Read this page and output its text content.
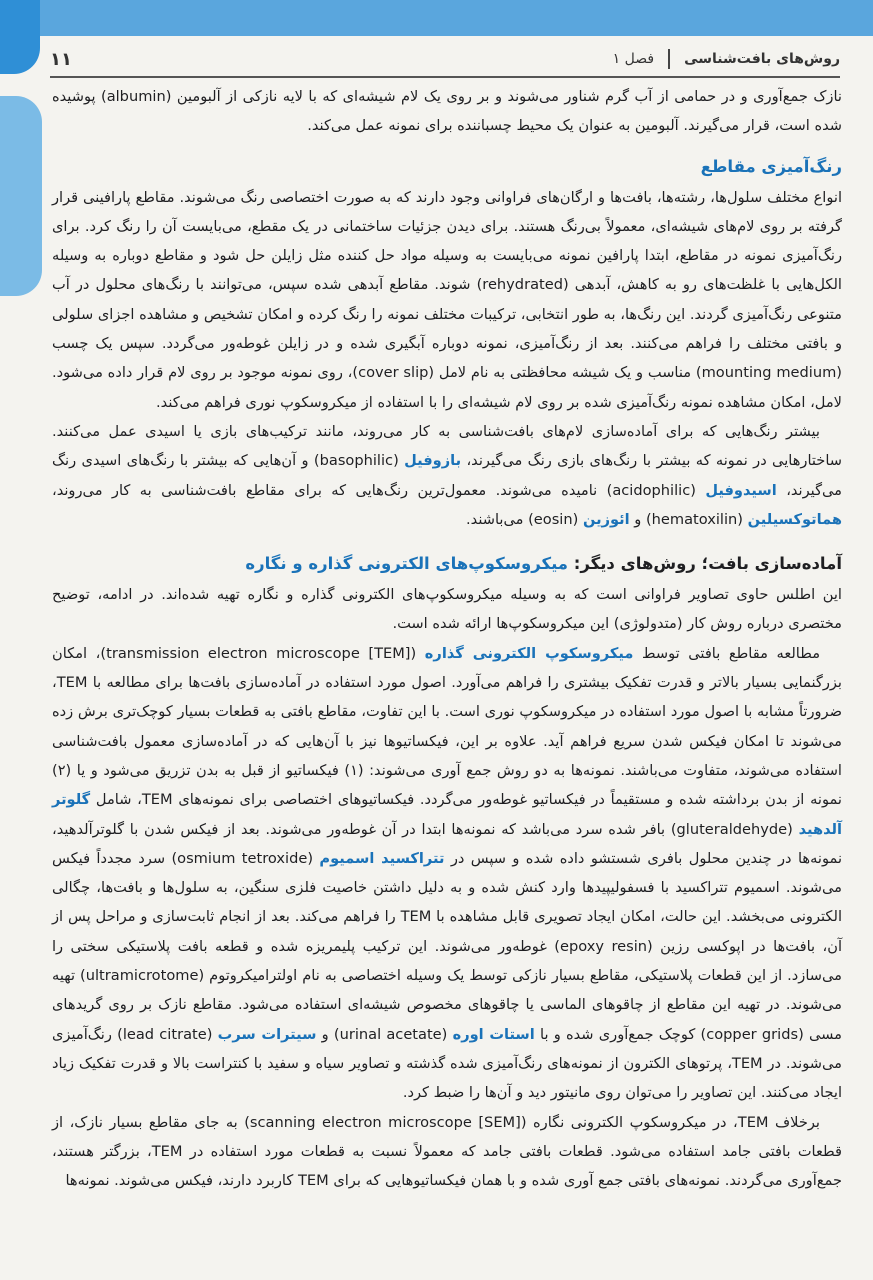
روش‌های بافت‌شناسی
فصل ۱
۱۱

نازک جمع‌آوری و در حمامی از آب گرم شناور می‌شوند و بر روی یک لام شیشه‌ای که با لایه نازکی از آلبومین (albumin) پوشیده شده است، قرار می‌گیرند. آلبومین به عنوان یک محیط چسباننده برای نمونه عمل می‌کند.

رنگ‌آمیزی مقاطع

انواع مختلف سلول‌ها، رشته‌ها، بافت‌ها و ارگان‌های فراوانی وجود دارند که به صورت اختصاصی رنگ می‌شوند. مقاطع پارافینی قرار گرفته بر روی لام‌های شیشه‌ای، معمولاً بی‌رنگ هستند. برای دیدن جزئیات ساختمانی در یک مقطع، می‌بایست آن را رنگ کرد. برای رنگ‌آمیزی نمونه در مقاطع، ابتدا پارافین نمونه می‌بایست به وسیله مواد حل کننده مثل زایلن حل شود و مقاطع دوباره به وسیله الکل‌هایی با غلظت‌های رو به کاهش، آبدهی (rehydrated) شوند. مقاطع آبدهی شده سپس، می‌توانند با رنگ‌های محلول در آب متنوعی رنگ‌آمیزی گردند. این رنگ‌ها، به طور انتخابی، ترکیبات مختلف نمونه را رنگ کرده و امکان تشخیص و مشاهده اجزای سلولی و بافتی مختلف را فراهم می‌کنند. بعد از رنگ‌آمیزی، نمونه دوباره آبگیری شده و در زایلن غوطه‌ور می‌گردد. سپس یک چسب (mounting medium) مناسب و یک شیشه محافظتی به نام لامل (cover slip)، روی نمونه موجود بر روی لام قرار داده می‌شود. لامل، امکان مشاهده نمونه رنگ‌آمیزی شده بر روی لام شیشه‌ای را با استفاده از میکروسکوپ نوری فراهم می‌کند.

بیشتر رنگ‌هایی که برای آماده‌سازی لام‌های بافت‌شناسی به کار می‌روند، مانند ترکیب‌های بازی یا اسیدی عمل می‌کنند. ساختارهایی در نمونه که بیشتر با رنگ‌های بازی رنگ می‌گیرند، بازوفیل (basophilic) و آن‌هایی که بیشتر با رنگ‌های اسیدی رنگ می‌گیرند، اسیدوفیل (acidophilic) نامیده می‌شوند. معمول‌ترین رنگ‌هایی که برای مقاطع بافت‌شناسی به کار می‌روند، هماتوکسیلین (hematoxilin) و ائوزین (eosin) می‌باشند.

آماده‌سازی بافت؛ روش‌های دیگر: میکروسکوپ‌های الکترونی گذاره و نگاره

این اطلس حاوی تصاویر فراوانی است که به وسیله میکروسکوپ‌های الکترونی گذاره و نگاره تهیه شده‌اند. در ادامه، توضیح مختصری درباره روش کار (متدولوژی) این میکروسکوپ‌ها ارائه شده است.

مطالعه مقاطع بافتی توسط میکروسکوپ الکترونی گذاره (transmission electron microscope [TEM])، امکان بزرگنمایی بسیار بالاتر و قدرت تفکیک بیشتری را فراهم می‌آورد. اصول مورد استفاده در آماده‌سازی بافت‌ها برای مطالعه با TEM، ضرورتاً مشابه با اصول مورد استفاده در میکروسکوپ نوری است. با این تفاوت، مقاطع بافتی به قطعات بسیار کوچک‌تری برش زده می‌شوند تا امکان فیکس شدن سریع فراهم آید. علاوه بر این، فیکساتیوها نیز با آن‌هایی که در آماده‌سازی معمول بافت‌شناسی استفاده می‌شوند، متفاوت می‌باشند. نمونه‌ها به دو روش جمع آوری می‌شوند: (۱) فیکساتیو از قبل به بدن تزریق می‌شود و یا (۲) نمونه از بدن برداشته شده و مستقیماً در فیکساتیو غوطه‌ور می‌گردد. فیکساتیوهای اختصاصی برای نمونه‌های TEM، شامل گلوتر آلدهید (gluteraldehyde) بافر شده سرد می‌باشد که نمونه‌ها ابتدا در آن غوطه‌ور می‌شوند. بعد از فیکس شدن با گلوترآلدهید، نمونه‌ها در چندین محلول بافری شستشو داده شده و سپس در تتراکسید اسمیوم (osmium tetroxide) سرد مجدداً فیکس می‌شوند. اسمیوم تتراکسید با فسفولیپیدها وارد کنش شده و به دلیل داشتن خاصیت فلزی سنگین، به سلول‌ها و بافت‌ها، چگالی الکترونی می‌بخشد. این حالت، امکان ایجاد تصویری قابل مشاهده با TEM را فراهم می‌کند. بعد از انجام ثابت‌سازی و مراحل پس از آن، بافت‌ها در اپوکسی رزین (epoxy resin) غوطه‌ور می‌شوند. این ترکیب پلیمریزه شده و قطعه بافت پلاستیکی سختی را می‌سازد. از این قطعات پلاستیکی، مقاطع بسیار نازکی توسط یک وسیله اختصاصی به نام اولترامیکروتوم (ultramicrotome) تهیه می‌شوند. در تهیه این مقاطع از چاقوهای الماسی یا چاقوهای مخصوص شیشه‌ای استفاده می‌شود. مقاطع نازک بر روی گریدهای مسی (copper grids) کوچک جمع‌آوری شده و با استات اوره (urinal acetate) و سیترات سرب (lead citrate) رنگ‌آمیزی می‌شوند. در TEM، پرتوهای الکترون از نمونه‌های رنگ‌آمیزی شده گذشته و تصاویر سیاه و سفید با کنتراست بالا و قدرت تفکیک زیاد ایجاد می‌کنند. این تصاویر را می‌توان روی مانیتور دید و آن‌ها را ضبط کرد.

برخلاف TEM، در میکروسکوپ الکترونی نگاره (scanning electron microscope [SEM]) به جای مقاطع بسیار نازک، از قطعات بافتی جامد استفاده می‌شود. قطعات بافتی جامد که معمولاً نسبت به قطعات مورد استفاده در TEM، بزرگتر هستند، جمع‌آوری می‌گردند. نمونه‌های بافتی جمع آوری شده و با همان فیکساتیوهایی که برای TEM کاربرد دارند، فیکس می‌شوند. نمونه‌ها
